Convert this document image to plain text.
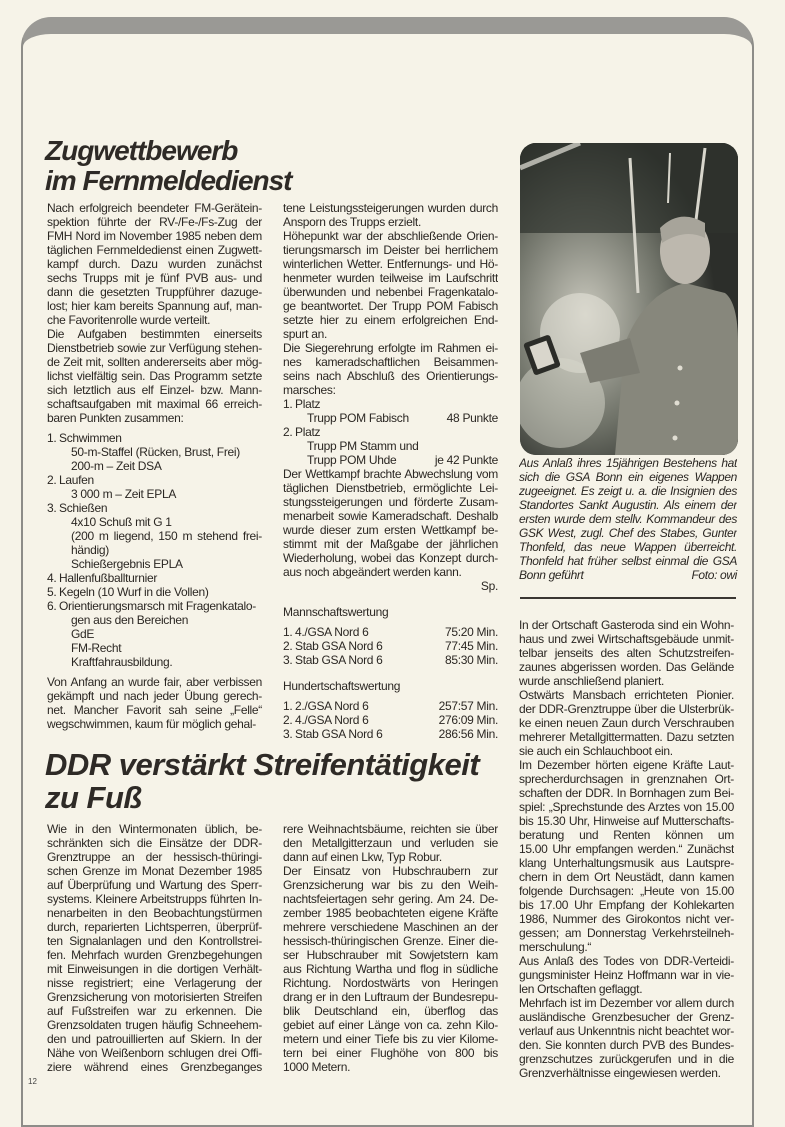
Zugwettbewerb
im Fernmeldedienst
Nach erfolgreich beendeter FM-Gerätein-
spektion führte der RV-/Fe-/Fs-Zug der
FMH Nord im November 1985 neben dem
täglichen Fernmeldedienst einen Zugwett-
kampf durch. Dazu wurden zunächst
sechs Trupps mit je fünf PVB aus- und
dann die gesetzten Truppführer dazuge-
lost; hier kam bereits Spannung auf, man-
che Favoritenrolle wurde verteilt.
Die Aufgaben bestimmten einerseits
Dienstbetrieb sowie zur Verfügung stehen-
de Zeit mit, sollten andererseits aber mög-
lichst vielfältig sein. Das Programm setzte
sich letztlich aus elf Einzel- bzw. Mann-
schaftsaufgaben mit maximal 66 erreich-
baren Punkten zusammen:
1. Schwimmen
50-m-Staffel (Rücken, Brust, Frei)
200-m – Zeit DSA
2. Laufen
3 000 m – Zeit EPLA
3. Schießen
4x10 Schuß mit G 1
(200 m liegend, 150 m stehend frei-
händig)
Schießergebnis EPLA
4. Hallenfußballturnier
5. Kegeln (10 Wurf in die Vollen)
6. Orientierungsmarsch mit Fragenkatalo-
gen aus den Bereichen
GdE
FM-Recht
Kraftfahrausbildung.
Von Anfang an wurde fair, aber verbissen
gekämpft und nach jeder Übung gerech-
net. Mancher Favorit sah seine „Felle“
wegschwimmen, kaum für möglich gehal-
tene Leistungssteigerungen wurden durch
Ansporn des Trupps erzielt.
Höhepunkt war der abschließende Orien-
tierungsmarsch im Deister bei herrlichem
winterlichen Wetter. Entfernungs- und Hö-
henmeter wurden teilweise im Laufschritt
überwunden und nebenbei Fragenkatalo-
ge beantwortet. Der Trupp POM Fabisch
setzte hier zu einem erfolgreichen End-
spurt an.
Die Siegerehrung erfolgte im Rahmen ei-
nes kameradschaftlichen Beisammen-
seins nach Abschluß des Orientierungs-
marsches:
1. Platz
Trupp POM Fabisch	48 Punkte
2. Platz
Trupp PM Stamm und
Trupp POM Uhde	je 42 Punkte
Der Wettkampf brachte Abwechslung vom
täglichen Dienstbetrieb, ermöglichte Lei-
stungssteigerungen und förderte Zusam-
menarbeit sowie Kameradschaft. Deshalb
wurde dieser zum ersten Wettkampf be-
stimmt mit der Maßgabe der jährlichen
Wiederholung, wobei das Konzept durch-
aus noch abgeändert werden kann.
Sp.
Mannschaftswertung
1. 4./GSA Nord 6	75:20 Min.
2. Stab GSA Nord 6	77:45 Min.
3. Stab GSA Nord 6	85:30 Min.
Hundertschaftswertung
1. 2./GSA Nord 6	257:57 Min.
2. 4./GSA Nord 6	276:09 Min.
3. Stab GSA Nord 6	286:56 Min.
Aus Anlaß ihres 15jährigen Bestehens hat
sich die GSA Bonn ein eigenes Wappen
zugeeignet. Es zeigt u. a. die Insignien des
Standortes Sankt Augustin. Als einem der
ersten wurde dem stellv. Kommandeur des
GSK West, zugl. Chef des Stabes, Gunter
Thonfeld, das neue Wappen überreicht.
Thonfeld hat früher selbst einmal die GSA
Bonn geführt	Foto: owi
In der Ortschaft Gasteroda sind ein Wohn-
haus und zwei Wirtschaftsgebäude unmit-
telbar jenseits des alten Schutzstreifen-
zaunes abgerissen worden. Das Gelände
wurde anschließend planiert.
Ostwärts Mansbach errichteten Pionier.
der DDR-Grenztruppe über die Ulsterbrük-
ke einen neuen Zaun durch Verschrauben
mehrerer Metallgittermatten. Dazu setzten
sie auch ein Schlauchboot ein.
Im Dezember hörten eigene Kräfte Laut-
sprecherdurchsagen in grenznahen Ort-
schaften der DDR. In Bornhagen zum Bei-
spiel: „Sprechstunde des Arztes von 15.00
bis 15.30 Uhr, Hinweise auf Mutterschafts-
beratung und Renten können um
15.00 Uhr empfangen werden.“ Zunächst
klang Unterhaltungsmusik aus Lautspre-
chern in dem Ort Neustädt, dann kamen
folgende Durchsagen: „Heute von 15.00
bis 17.00 Uhr Empfang der Kohlekarten
1986, Nummer des Girokontos nicht ver-
gessen; am Donnerstag Verkehrsteilneh-
merschulung.“
Aus Anlaß des Todes von DDR-Verteidi-
gungsminister Heinz Hoffmann war in vie-
len Ortschaften geflaggt.
Mehrfach ist im Dezember vor allem durch
ausländische Grenzbesucher der Grenz-
verlauf aus Unkenntnis nicht beachtet wor-
den. Sie konnten durch PVB des Bundes-
grenzschutzes zurückgerufen und in die
Grenzverhältnisse eingewiesen werden.
DDR verstärkt Streifentätigkeit
zu Fuß
Wie in den Wintermonaten üblich, be-
schränkten sich die Einsätze der DDR-
Grenztruppe an der hessisch-thüringi-
schen Grenze im Monat Dezember 1985
auf Überprüfung und Wartung des Sperr-
systems. Kleinere Arbeitstrupps führten In-
nenarbeiten in den Beobachtungstürmen
durch, reparierten Lichtsperren, überprüf-
ten Signalanlagen und den Kontrollstrei-
fen. Mehrfach wurden Grenzbegehungen
mit Einweisungen in die dortigen Verhält-
nisse registriert; eine Verlagerung der
Grenzsicherung von motorisierten Streifen
auf Fußstreifen war zu erkennen. Die
Grenzsoldaten trugen häufig Schneehem-
den und patrouillierten auf Skiern. In der
Nähe von Weißenborn schlugen drei Offi-
ziere während eines Grenzbeganges
rere Weihnachtsbäume, reichten sie über
den Metallgitterzaun und verluden sie
dann auf einen Lkw, Typ Robur.
Der Einsatz von Hubschraubern zur
Grenzsicherung war bis zu den Weih-
nachtsfeiertagen sehr gering. Am 24. De-
zember 1985 beobachteten eigene Kräfte
mehrere verschiedene Maschinen an der
hessisch-thüringischen Grenze. Einer die-
ser Hubschrauber mit Sowjetstern kam
aus Richtung Wartha und flog in südliche
Richtung. Nordostwärts von Heringen
drang er in den Luftraum der Bundesrepu-
blik Deutschland ein, überflog das
gebiet auf einer Länge von ca. zehn Kilo-
metern und einer Tiefe bis zu vier Kilome-
tern bei einer Flughöhe von 800 bis
1000 Metern.
12
